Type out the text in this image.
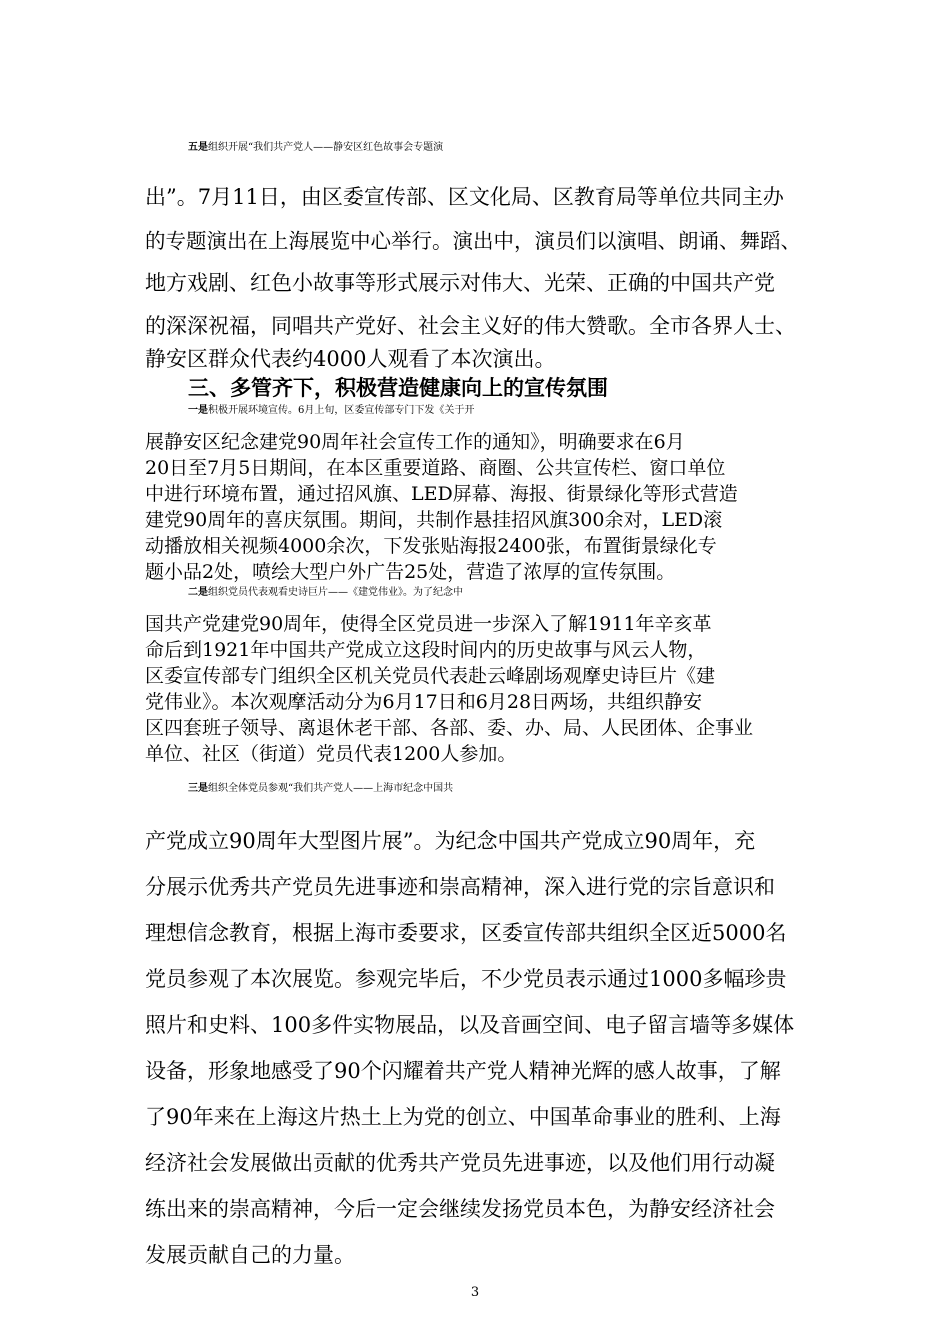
五是组织开展“我们共产党人——静安区红色故事会专题演
出”。7月11日，由区委宣传部、区文化局、区教育局等单位共同主办
的专题演出在上海展览中心举行。演出中，演员们以演唱、朗诵、舞蹈、
地方戏剧、红色小故事等形式展示对伟大、光荣、正确的中国共产党
的深深祝福，同唱共产党好、社会主义好的伟大赞歌。全市各界人士、
静安区群众代表约4000人观看了本次演出。
三、多管齐下，积极营造健康向上的宣传氛围
一是积极开展环境宣传。6月上旬，区委宣传部专门下发《关于开
展静安区纪念建党90周年社会宣传工作的通知》，明确要求在6月
20日至7月5日期间，在本区重要道路、商圈、公共宣传栏、窗口单位
中进行环境布置，通过招风旗、LED屏幕、海报、街景绿化等形式营造
建党90周年的喜庆氛围。期间，共制作悬挂招风旗300余对，LED滚
动播放相关视频4000余次，下发张贴海报2400张，布置街景绿化专
题小品2处，喷绘大型户外广告25处，营造了浓厚的宣传氛围。
二是组织党员代表观看史诗巨片——《建党伟业》。为了纪念中
国共产党建党90周年，使得全区党员进一步深入了解1911年辛亥革
命后到1921年中国共产党成立这段时间内的历史故事与风云人物，
区委宣传部专门组织全区机关党员代表赴云峰剧场观摩史诗巨片《建
党伟业》。本次观摩活动分为6月17日和6月28日两场，共组织静安
区四套班子领导、离退休老干部、各部、委、办、局、人民团体、企事业
单位、社区（街道）党员代表1200人参加。
三是组织全体党员参观“我们共产党人——上海市纪念中国共
产党成立90周年大型图片展”。为纪念中国共产党成立90周年，充
分展示优秀共产党员先进事迹和崇高精神，深入进行党的宗旨意识和
理想信念教育，根据上海市委要求，区委宣传部共组织全区近5000名
党员参观了本次展览。参观完毕后，不少党员表示通过1000多幅珍贵
照片和史料、100多件实物展品，以及音画空间、电子留言墙等多媒体
设备，形象地感受了90个闪耀着共产党人精神光辉的感人故事，了解
了90年来在上海这片热土上为党的创立、中国革命事业的胜利、上海
经济社会发展做出贡献的优秀共产党员先进事迹，以及他们用行动凝
练出来的崇高精神，今后一定会继续发扬党员本色，为静安经济社会
发展贡献自己的力量。
3
